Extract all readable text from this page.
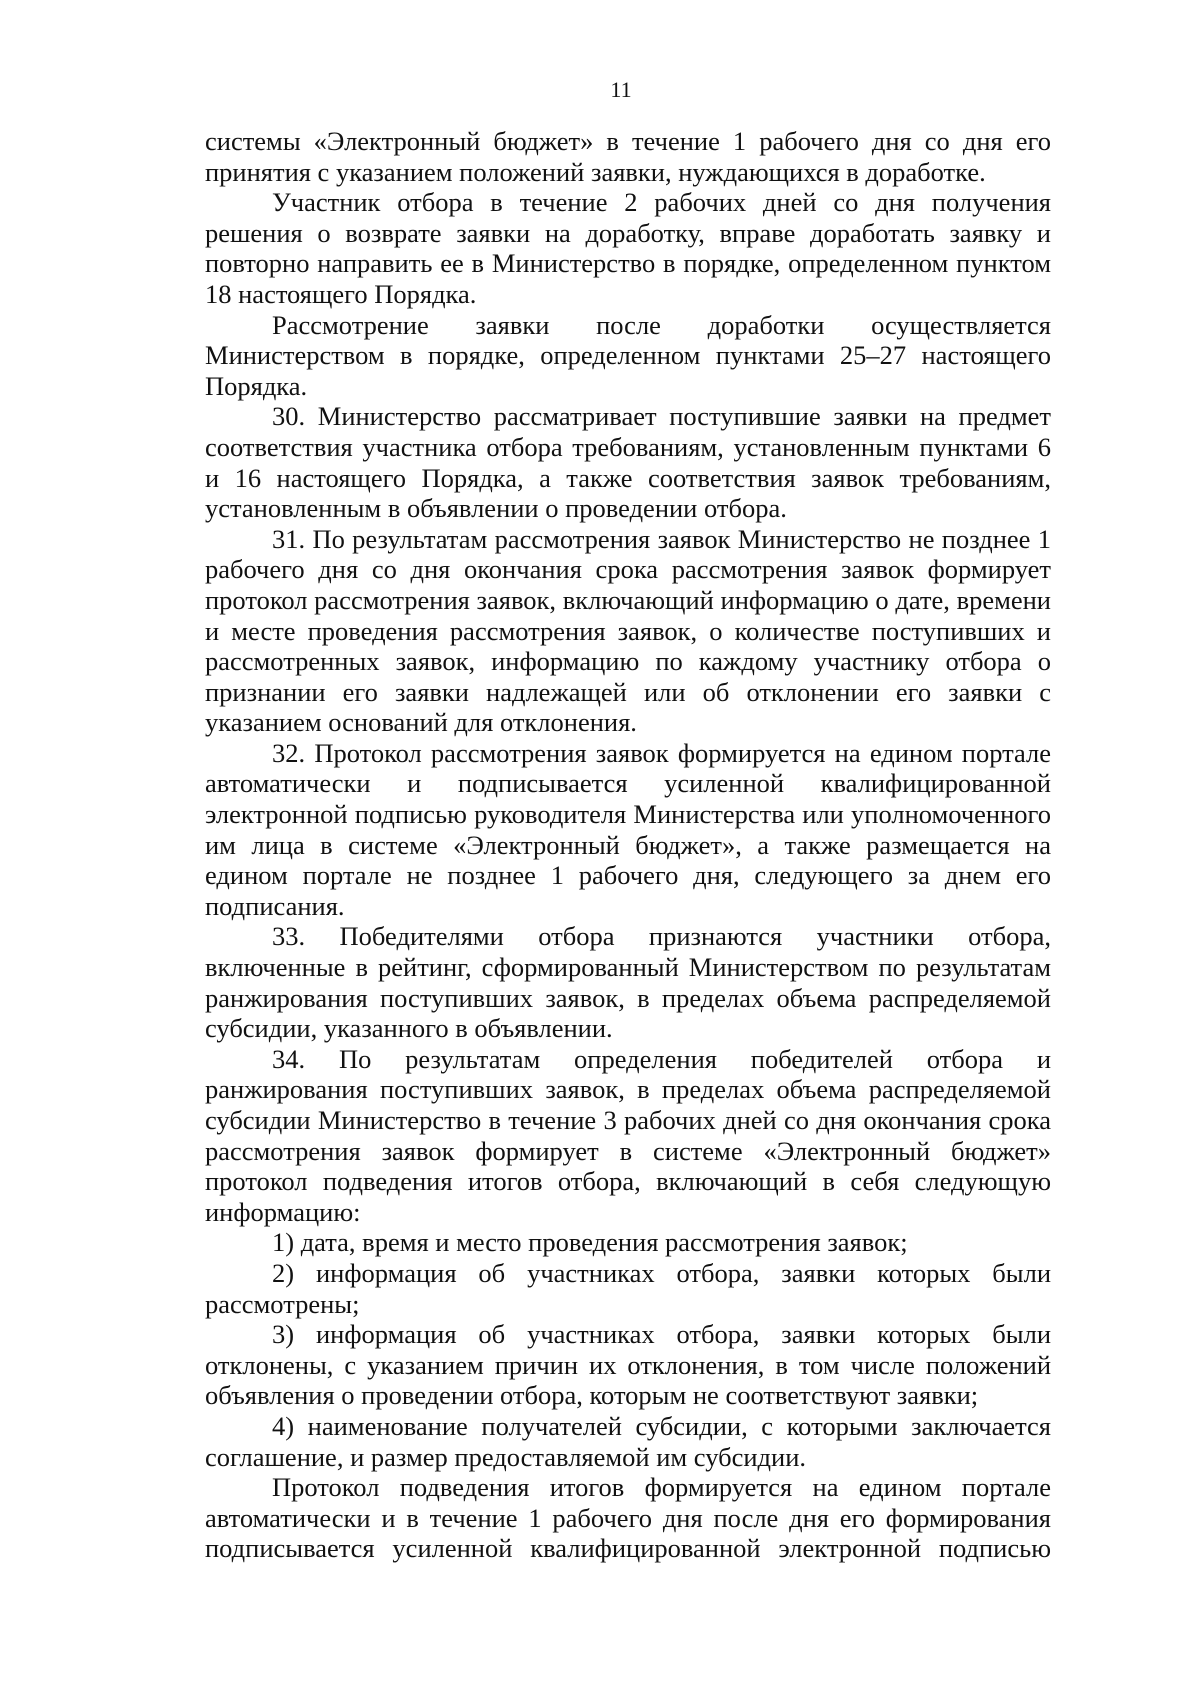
11

системы «Электронный бюджет» в течение 1 рабочего дня со дня его принятия с указанием положений заявки, нуждающихся в доработке.

Участник отбора в течение 2 рабочих дней со дня получения решения о возврате заявки на доработку, вправе доработать заявку и повторно направить ее в Министерство в порядке, определенном пунктом 18 настоящего Порядка.

Рассмотрение заявки после доработки осуществляется Министерством в порядке, определенном пунктами 25–27 настоящего Порядка.

30. Министерство рассматривает поступившие заявки на предмет соответствия участника отбора требованиям, установленным пунктами 6 и 16 настоящего Порядка, а также соответствия заявок требованиям, установленным в объявлении о проведении отбора.

31. По результатам рассмотрения заявок Министерство не позднее 1 рабочего дня со дня окончания срока рассмотрения заявок формирует протокол рассмотрения заявок, включающий информацию о дате, времени и месте проведения рассмотрения заявок, о количестве поступивших и рассмотренных заявок, информацию по каждому участнику отбора о признании его заявки надлежащей или об отклонении его заявки с указанием оснований для отклонения.

32. Протокол рассмотрения заявок формируется на едином портале автоматически и подписывается усиленной квалифицированной электронной подписью руководителя Министерства или уполномоченного им лица в системе «Электронный бюджет», а также размещается на едином портале не позднее 1 рабочего дня, следующего за днем его подписания.

33. Победителями отбора признаются участники отбора, включенные в рейтинг, сформированный Министерством по результатам ранжирования поступивших заявок, в пределах объема распределяемой субсидии, указанного в объявлении.

34. По результатам определения победителей отбора и ранжирования поступивших заявок, в пределах объема распределяемой субсидии Министерство в течение 3 рабочих дней со дня окончания срока рассмотрения заявок формирует в системе «Электронный бюджет» протокол подведения итогов отбора, включающий в себя следующую информацию:

1) дата, время и место проведения рассмотрения заявок;

2) информация об участниках отбора, заявки которых были рассмотрены;

3) информация об участниках отбора, заявки которых были отклонены, с указанием причин их отклонения, в том числе положений объявления о проведении отбора, которым не соответствуют заявки;

4) наименование получателей субсидии, с которыми заключается соглашение, и размер предоставляемой им субсидии.

Протокол подведения итогов формируется на едином портале автоматически и в течение 1 рабочего дня после дня его формирования подписывается усиленной квалифицированной электронной подписью
